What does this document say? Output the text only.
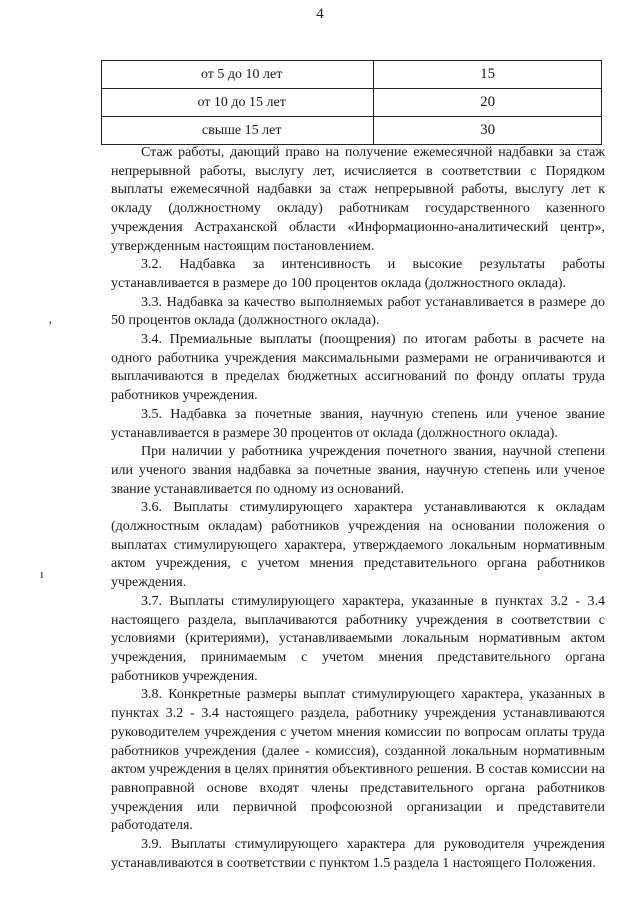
4
от 5 до 10 лет	15
от 10 до 15 лет	20
свыше 15 лет	30

Стаж работы, дающий право на получение ежемесячной надбавки за стаж непрерывной работы, выслугу лет, исчисляется в соответствии с Порядком выплаты ежемесячной надбавки за стаж непрерывной работы, выслугу лет к окладу (должностному окладу) работникам государственного казенного учреждения Астраханской области «Информационно-аналитический центр», утвержденным настоящим постановлением.

3.2. Надбавка за интенсивность и высокие результаты работы устанавливается в размере до 100 процентов оклада (должностного оклада).

3.3. Надбавка за качество выполняемых работ устанавливается в размере до 50 процентов оклада (должностного оклада).

3.4. Премиальные выплаты (поощрения) по итогам работы в расчете на одного работника учреждения максимальными размерами не ограничиваются и выплачиваются в пределах бюджетных ассигнований по фонду оплаты труда работников учреждения.

3.5. Надбавка за почетные звания, научную степень или ученое звание устанавливается в размере 30 процентов от оклада (должностного оклада).

При наличии у работника учреждения почетного звания, научной степени или ученого звания надбавка за почетные звания, научную степень или ученое звание устанавливается по одному из оснований.

3.6. Выплаты стимулирующего характера устанавливаются к окладам (должностным окладам) работников учреждения на основании положения о выплатах стимулирующего характера, утверждаемого локальным нормативным актом учреждения, с учетом мнения представительного органа работников учреждения.

3.7. Выплаты стимулирующего характера, указанные в пунктах 3.2 - 3.4 настоящего раздела, выплачиваются работнику учреждения в соответствии с условиями (критериями), устанавливаемыми локальным нормативным актом учреждения, принимаемым с учетом мнения представительного органа работников учреждения.

3.8. Конкретные размеры выплат стимулирующего характера, указанных в пунктах 3.2 - 3.4 настоящего раздела, работнику учреждения устанавливаются руководителем учреждения с учетом мнения комиссии по вопросам оплаты труда работников учреждения (далее - комиссия), созданной локальным нормативным актом учреждения в целях принятия объективного решения. В состав комиссии на равноправной основе входят члены представительного органа работников учреждения или первичной профсоюзной организации и представители работодателя.

3.9. Выплаты стимулирующего характера для руководителя учреждения устанавливаются в соответствии с пунктом 1.5 раздела 1 настоящего Положения.

ʼ
ı
